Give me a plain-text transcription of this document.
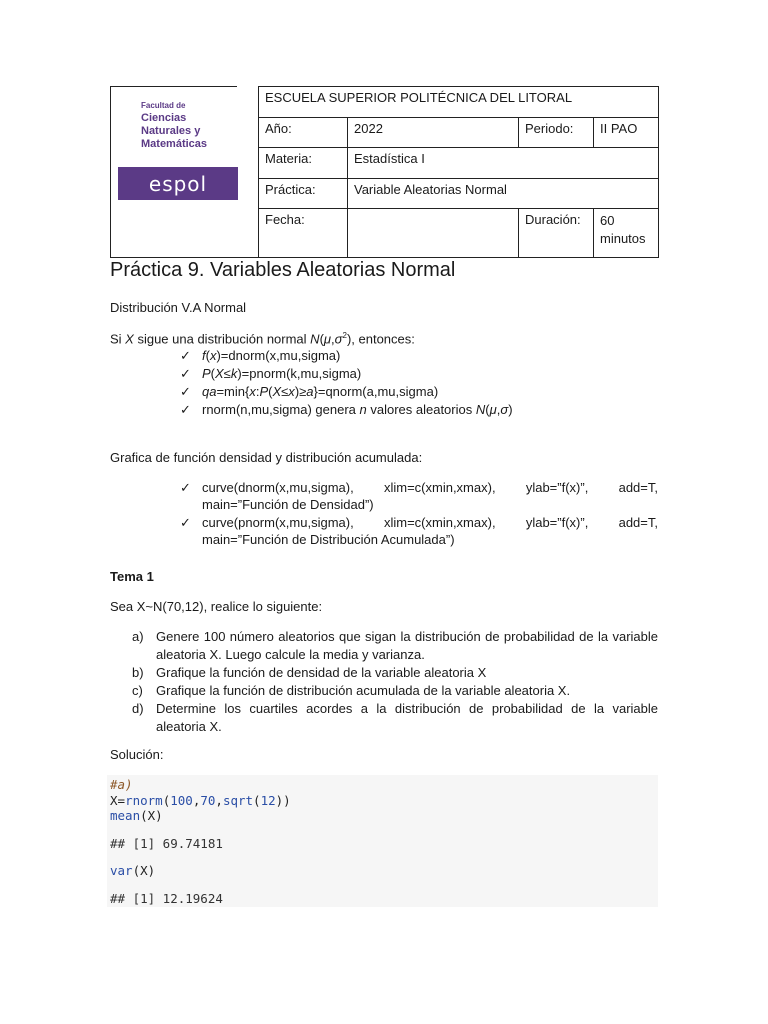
Facultad de
Ciencias
Naturales y
Matemáticas
espol
ESCUELA SUPERIOR POLITÉCNICA DEL LITORAL			
Año:	2022	Periodo:	II PAO
Materia:	Estadística I		
Práctica:	Variable Aleatorias Normal		
Fecha:		Duración:	60 minutos
Práctica 9. Variables Aleatorias Normal
Distribución V.A Normal
Si X sigue una distribución normal $N(\mu,\sigma^2)$, entonces:
✓ f(x)=dnorm(x,mu,sigma)
✓ P(X≤k)=pnorm(k,mu,sigma)
✓ qa=min{x:P(X≤x)≥a}=qnorm(a,mu,sigma)
✓ rnorm(n,mu,sigma) genera n valores aleatorios N(μ,σ)
Grafica de función densidad y distribución acumulada:
✓ curve(dnorm(x,mu,sigma), xlim=c(xmin,xmax), ylab=”f(x)”, add=T, main=”Función de Densidad”)
✓ curve(pnorm(x,mu,sigma), xlim=c(xmin,xmax), ylab=”f(x)”, add=T, main=”Función de Distribución Acumulada”)
Tema 1
Sea X~N(70,12), realice lo siguiente:
a) Genere 100 número aleatorios que sigan la distribución de probabilidad de la variable aleatoria X. Luego calcule la media y varianza.
b) Grafique la función de densidad de la variable aleatoria X
c)	Grafique la función de distribución acumulada de la variable aleatoria X.
d) Determine los cuartiles acordes a la distribución de probabilidad de la variable aleatoria X.
Solución:
#a)
X=rnorm(100,70,sqrt(12))
mean(X)
## [1] 69.74181
var(X)
## [1] 12.19624
